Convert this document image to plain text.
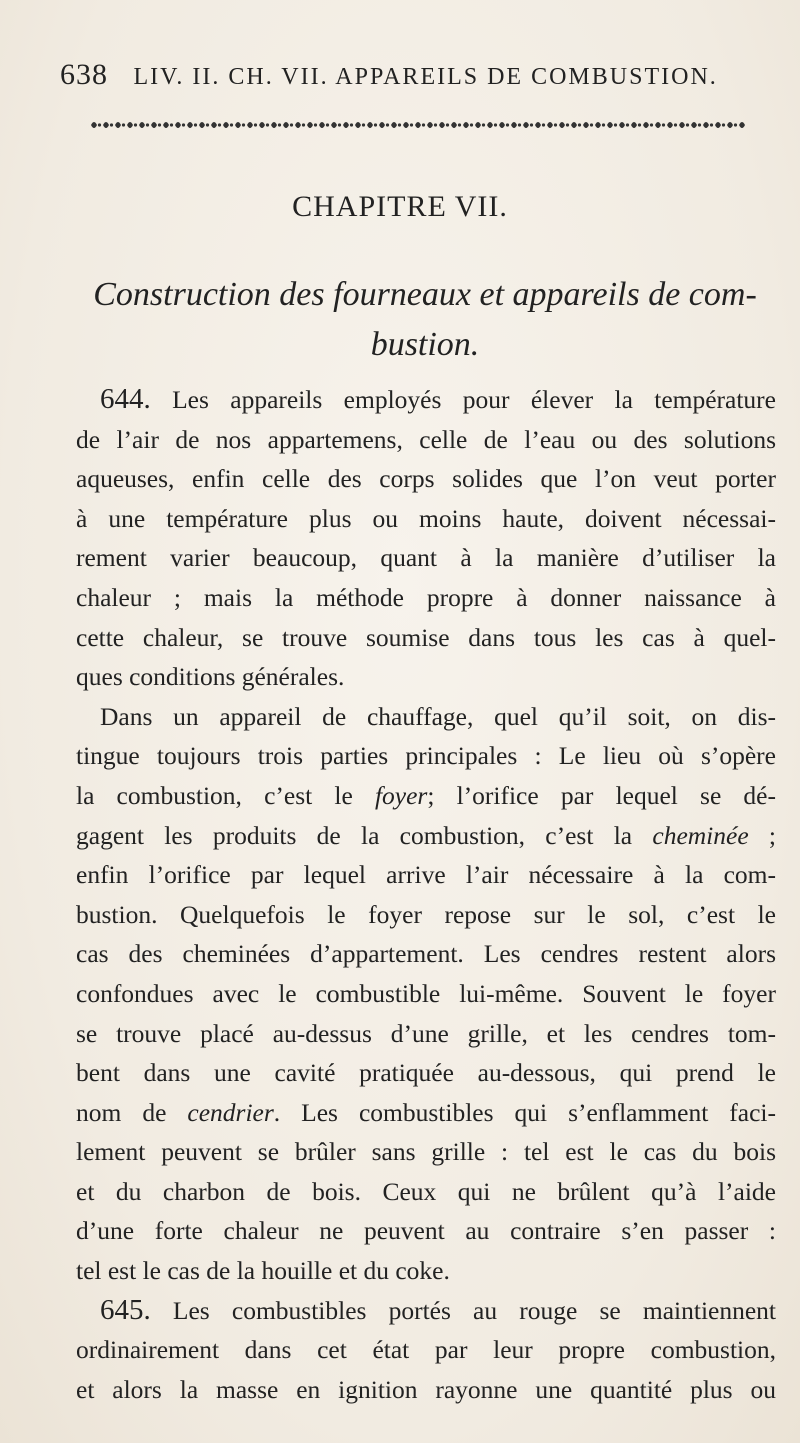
638 LIV. II. CH. VII. APPAREILS DE COMBUSTION.
CHAPITRE VII.
Construction des fourneaux et appareils de com-
bustion.
644. Les appareils employés pour élever la température
de l’air de nos appartemens, celle de l’eau ou des solutions
aqueuses, enfin celle des corps solides que l’on veut porter
à une température plus ou moins haute, doivent nécessai-
rement varier beaucoup, quant à la manière d’utiliser la
chaleur ; mais la méthode propre à donner naissance à
cette chaleur, se trouve soumise dans tous les cas à quel-
ques conditions générales.
Dans un appareil de chauffage, quel qu’il soit, on dis-
tingue toujours trois parties principales : Le lieu où s’opère
la combustion, c’est le foyer; l’orifice par lequel se dé-
gagent les produits de la combustion, c’est la cheminée ;
enfin l’orifice par lequel arrive l’air nécessaire à la com-
bustion. Quelquefois le foyer repose sur le sol, c’est le
cas des cheminées d’appartement. Les cendres restent alors
confondues avec le combustible lui-même. Souvent le foyer
se trouve placé au-dessus d’une grille, et les cendres tom-
bent dans une cavité pratiquée au-dessous, qui prend le
nom de cendrier. Les combustibles qui s’enflamment faci-
lement peuvent se brûler sans grille : tel est le cas du bois
et du charbon de bois. Ceux qui ne brûlent qu’à l’aide
d’une forte chaleur ne peuvent au contraire s’en passer :
tel est le cas de la houille et du coke.
645. Les combustibles portés au rouge se maintiennent
ordinairement dans cet état par leur propre combustion,
et alors la masse en ignition rayonne une quantité plus ou
